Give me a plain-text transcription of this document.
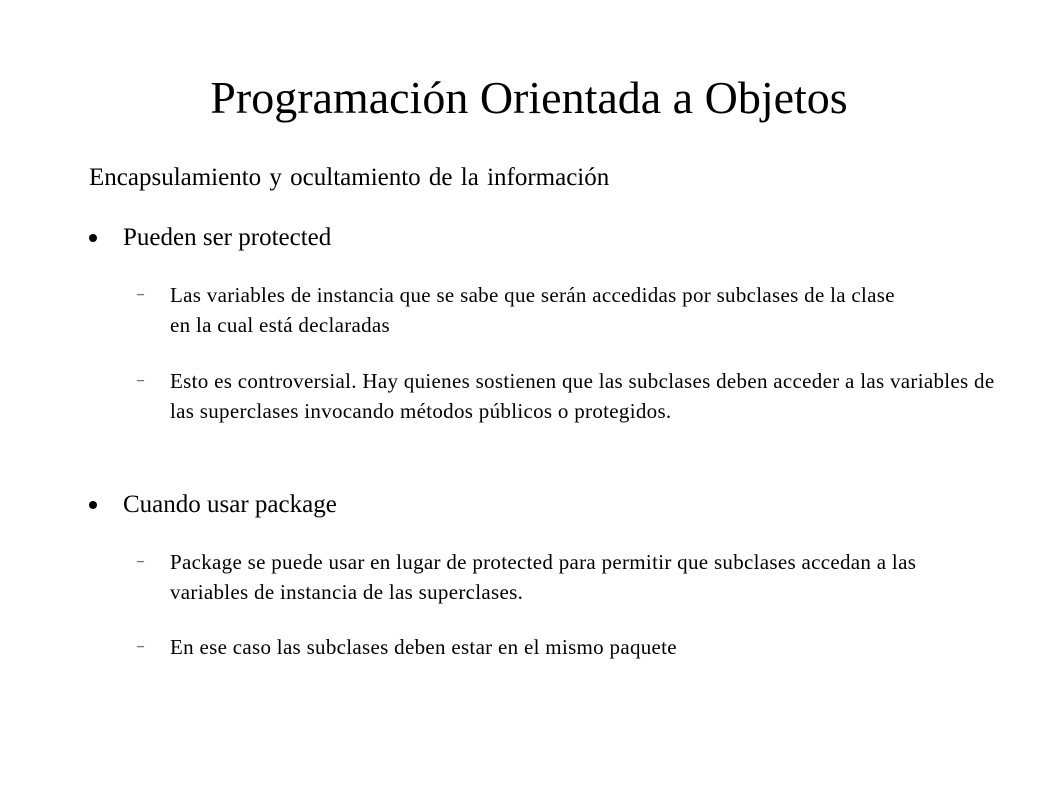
Programación Orientada a Objetos
Encapsulamiento y ocultamiento de la información
Pueden ser protected
–	Las variables de instancia que se sabe que serán accedidas por subclases de la clase en la cual está declaradas
–	Esto es controversial. Hay quienes sostienen que las subclases deben acceder a las variables de las superclases invocando métodos públicos o protegidos.
Cuando usar package
–	Package se puede usar en lugar de protected para permitir que subclases accedan a las variables de instancia de las superclases.
–	En ese caso las subclases deben estar en el mismo paquete
